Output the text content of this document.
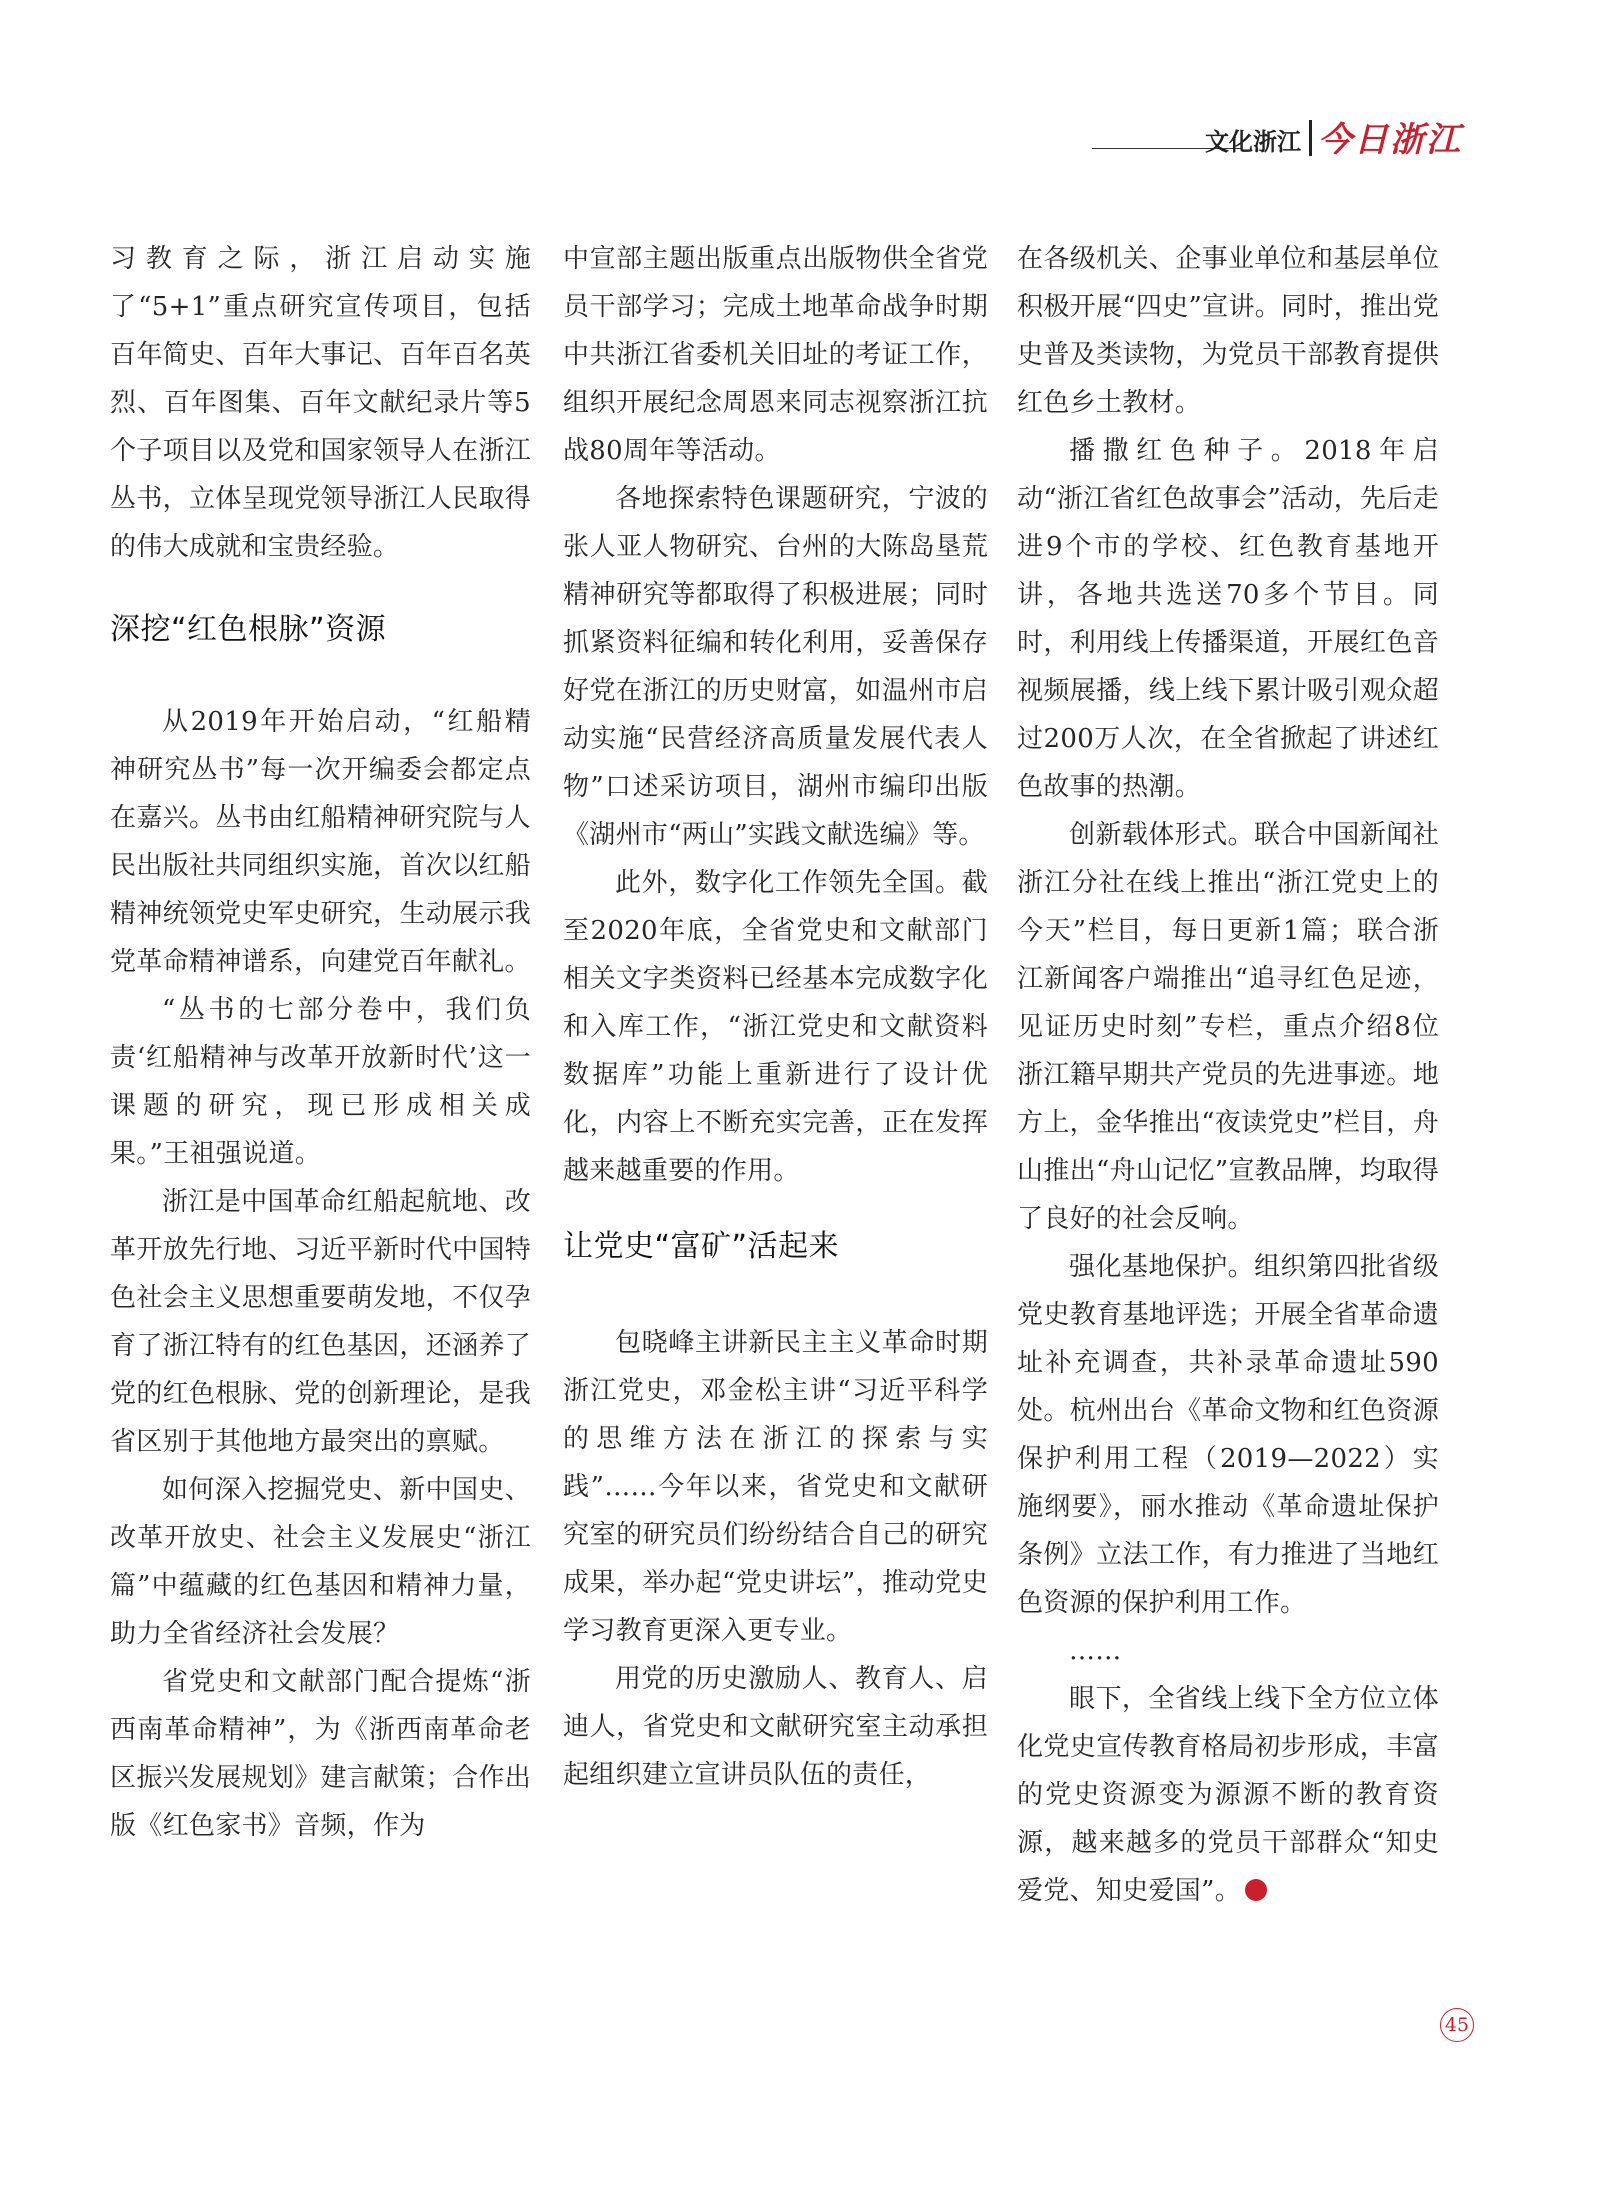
文化浙江 今日浙江

习教育之际，浙江启动实施了“5+1”重点研究宣传项目，包括百年简史、百年大事记、百年百名英烈、百年图集、百年文献纪录片等5个子项目以及党和国家领导人在浙江丛书，立体呈现党领导浙江人民取得的伟大成就和宝贵经验。

深挖“红色根脉”资源

从2019年开始启动，“红船精神研究丛书”每一次开编委会都定点在嘉兴。丛书由红船精神研究院与人民出版社共同组织实施，首次以红船精神统领党史军史研究，生动展示我党革命精神谱系，向建党百年献礼。

“丛书的七部分卷中，我们负责‘红船精神与改革开放新时代’这一课题的研究，现已形成相关成果。”王祖强说道。

浙江是中国革命红船起航地、改革开放先行地、习近平新时代中国特色社会主义思想重要萌发地，不仅孕育了浙江特有的红色基因，还涵养了党的红色根脉、党的创新理论，是我省区别于其他地方最突出的禀赋。

如何深入挖掘党史、新中国史、改革开放史、社会主义发展史“浙江篇”中蕴藏的红色基因和精神力量，助力全省经济社会发展？

省党史和文献部门配合提炼“浙西南革命精神”，为《浙西南革命老区振兴发展规划》建言献策；合作出版《红色家书》音频，作为

中宣部主题出版重点出版物供全省党员干部学习；完成土地革命战争时期中共浙江省委机关旧址的考证工作，组织开展纪念周恩来同志视察浙江抗战80周年等活动。

各地探索特色课题研究，宁波的张人亚人物研究、台州的大陈岛垦荒精神研究等都取得了积极进展；同时抓紧资料征编和转化利用，妥善保存好党在浙江的历史财富，如温州市启动实施“民营经济高质量发展代表人物”口述采访项目，湖州市编印出版《湖州市“两山”实践文献选编》等。

此外，数字化工作领先全国。截至2020年底，全省党史和文献部门相关文字类资料已经基本完成数字化和入库工作，“浙江党史和文献资料数据库”功能上重新进行了设计优化，内容上不断充实完善，正在发挥越来越重要的作用。

让党史“富矿”活起来

包晓峰主讲新民主主义革命时期浙江党史，邓金松主讲“习近平科学的思维方法在浙江的探索与实践”……今年以来，省党史和文献研究室的研究员们纷纷结合自己的研究成果，举办起“党史讲坛”，推动党史学习教育更深入更专业。

用党的历史激励人、教育人、启迪人，省党史和文献研究室主动承担起组织建立宣讲员队伍的责任，

在各级机关、企事业单位和基层单位积极开展“四史”宣讲。同时，推出党史普及类读物，为党员干部教育提供红色乡土教材。

播撒红色种子。2018年启动“浙江省红色故事会”活动，先后走进9个市的学校、红色教育基地开讲，各地共选送70多个节目。同时，利用线上传播渠道，开展红色音视频展播，线上线下累计吸引观众超过200万人次，在全省掀起了讲述红色故事的热潮。

创新载体形式。联合中国新闻社浙江分社在线上推出“浙江党史上的今天”栏目，每日更新1篇；联合浙江新闻客户端推出“追寻红色足迹，见证历史时刻”专栏，重点介绍8位浙江籍早期共产党员的先进事迹。地方上，金华推出“夜读党史”栏目，舟山推出“舟山记忆”宣教品牌，均取得了良好的社会反响。

强化基地保护。组织第四批省级党史教育基地评选；开展全省革命遗址补充调查，共补录革命遗址590处。杭州出台《革命文物和红色资源保护利用工程（2019—2022）实施纲要》，丽水推动《革命遗址保护条例》立法工作，有力推进了当地红色资源的保护利用工作。

……

眼下，全省线上线下全方位立体化党史宣传教育格局初步形成，丰富的党史资源变为源源不断的教育资源，越来越多的党员干部群众“知史爱党、知史爱国”。

45
